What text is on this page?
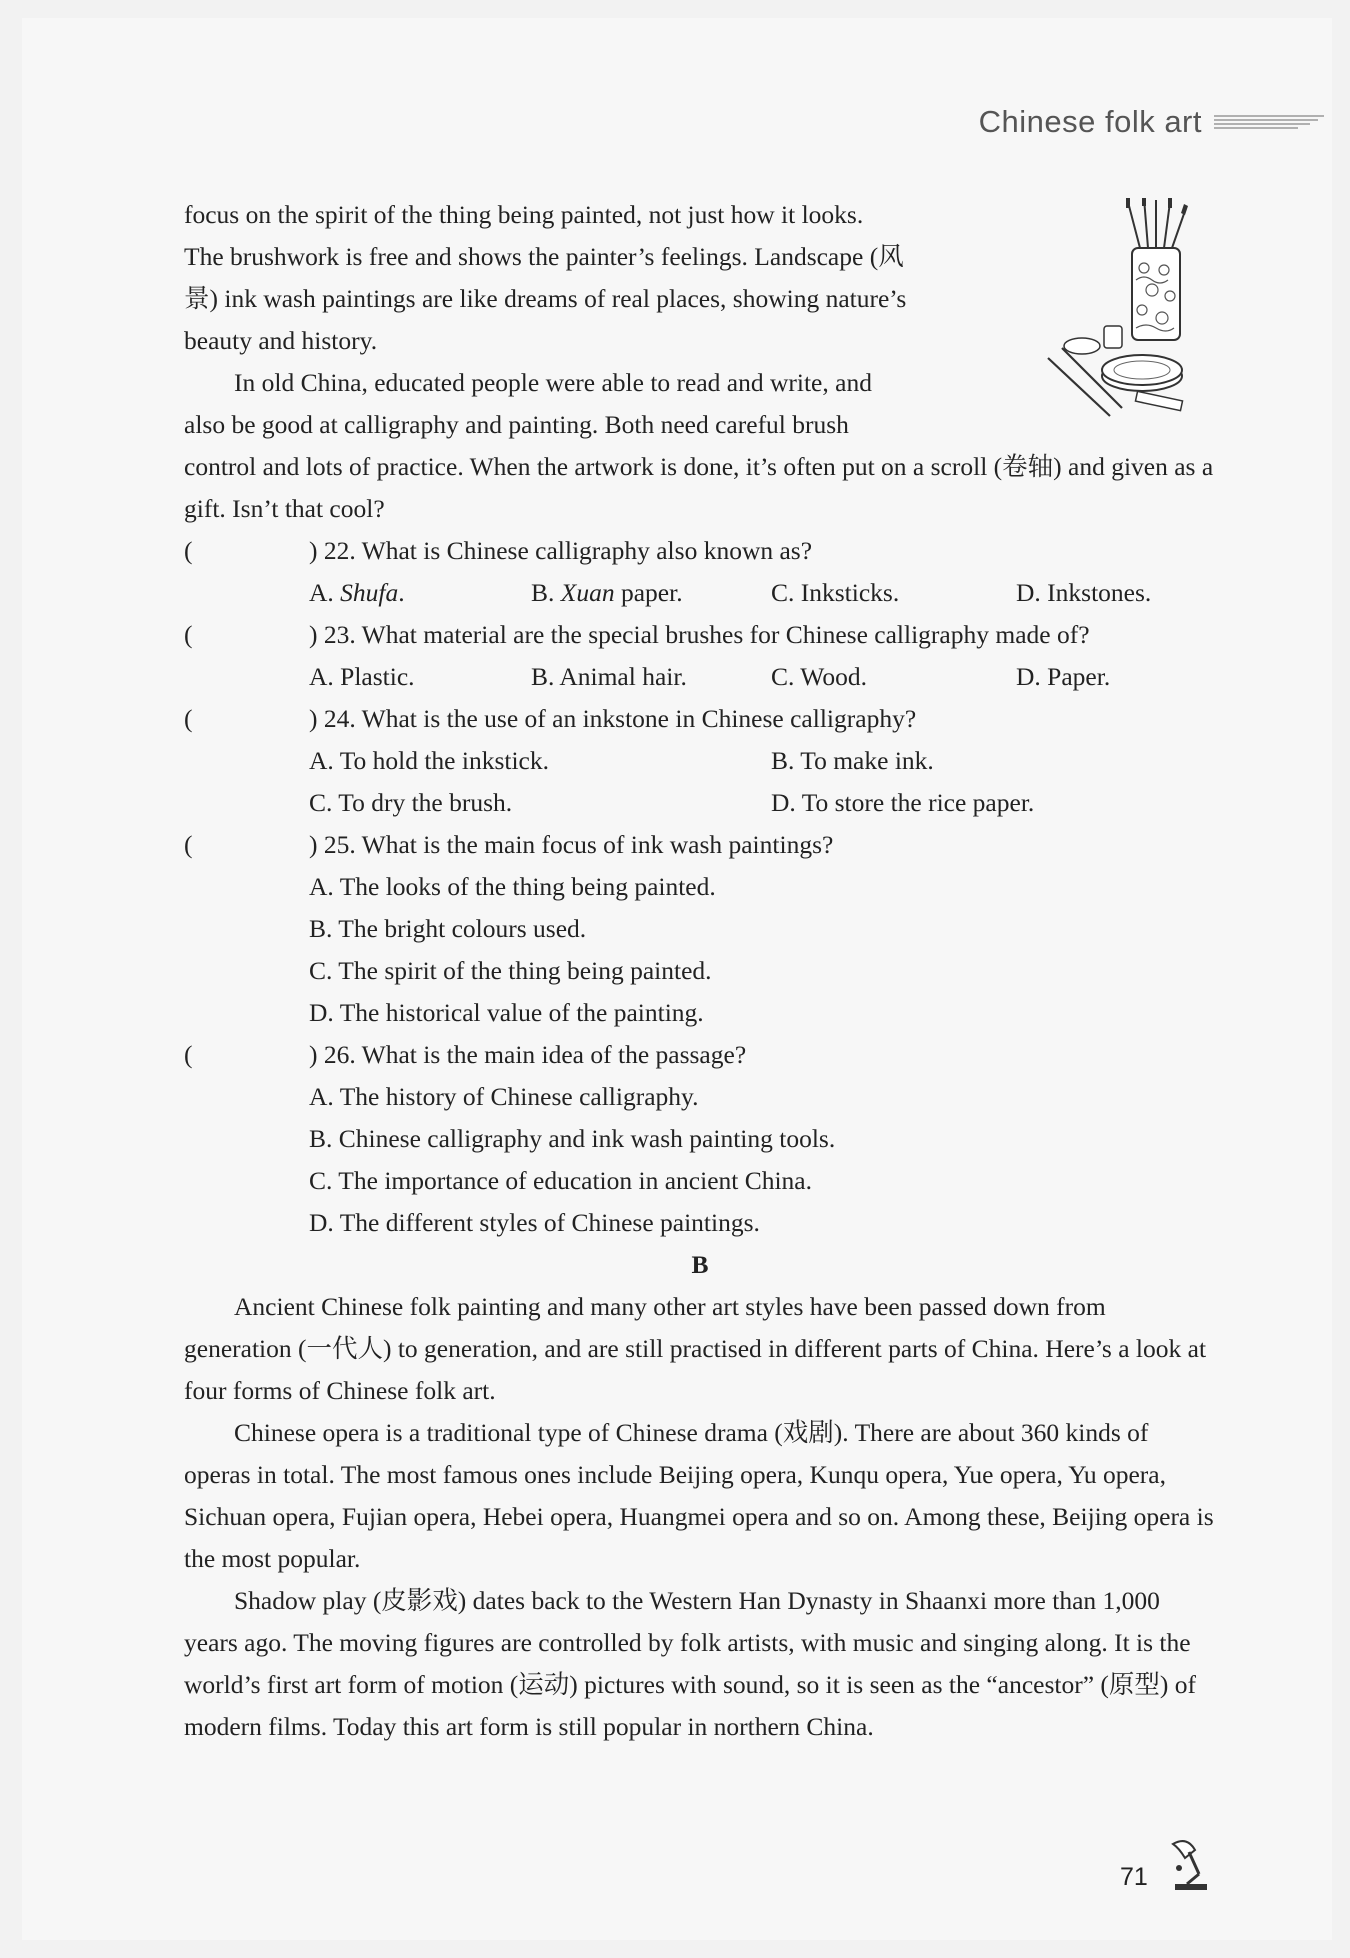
Chinese folk art

focus on the spirit of the thing being painted, not just how it looks.

The brushwork is free and shows the painter’s feelings. Landscape (风

景) ink wash paintings are like dreams of real places, showing nature’s

beauty and history.

In old China, educated people were able to read and write, and

also be good at calligraphy and painting. Both need careful brush

control and lots of practice. When the artwork is done, it’s often put on a scroll (卷轴) and given as a gift. Isn’t that cool?

(	) 22. What is Chinese calligraphy also known as?
A. Shufa.	B. Xuan paper.	C. Inksticks.	D. Inkstones.
(	) 23. What material are the special brushes for Chinese calligraphy made of?
A. Plastic.	B. Animal hair.	C. Wood.	D. Paper.
(	) 24. What is the use of an inkstone in Chinese calligraphy?
A. To hold the inkstick.	B. To make ink.
C. To dry the brush.	D. To store the rice paper.
(	) 25. What is the main focus of ink wash paintings?
A. The looks of the thing being painted.
B. The bright colours used.
C. The spirit of the thing being painted.
D. The historical value of the painting.
(	) 26. What is the main idea of the passage?
A. The history of Chinese calligraphy.
B. Chinese calligraphy and ink wash painting tools.
C. The importance of education in ancient China.
D. The different styles of Chinese paintings.

B

Ancient Chinese folk painting and many other art styles have been passed down from generation (一代人) to generation, and are still practised in different parts of China. Here’s a look at four forms of Chinese folk art.

Chinese opera is a traditional type of Chinese drama (戏剧). There are about 360 kinds of operas in total. The most famous ones include Beijing opera, Kunqu opera, Yue opera, Yu opera, Sichuan opera, Fujian opera, Hebei opera, Huangmei opera and so on. Among these, Beijing opera is the most popular.

Shadow play (皮影戏) dates back to the Western Han Dynasty in Shaanxi more than 1,000 years ago. The moving figures are controlled by folk artists, with music and singing along. It is the world’s first art form of motion (运动) pictures with sound, so it is seen as the “ancestor” (原型) of modern films. Today this art form is still popular in northern China.

71
